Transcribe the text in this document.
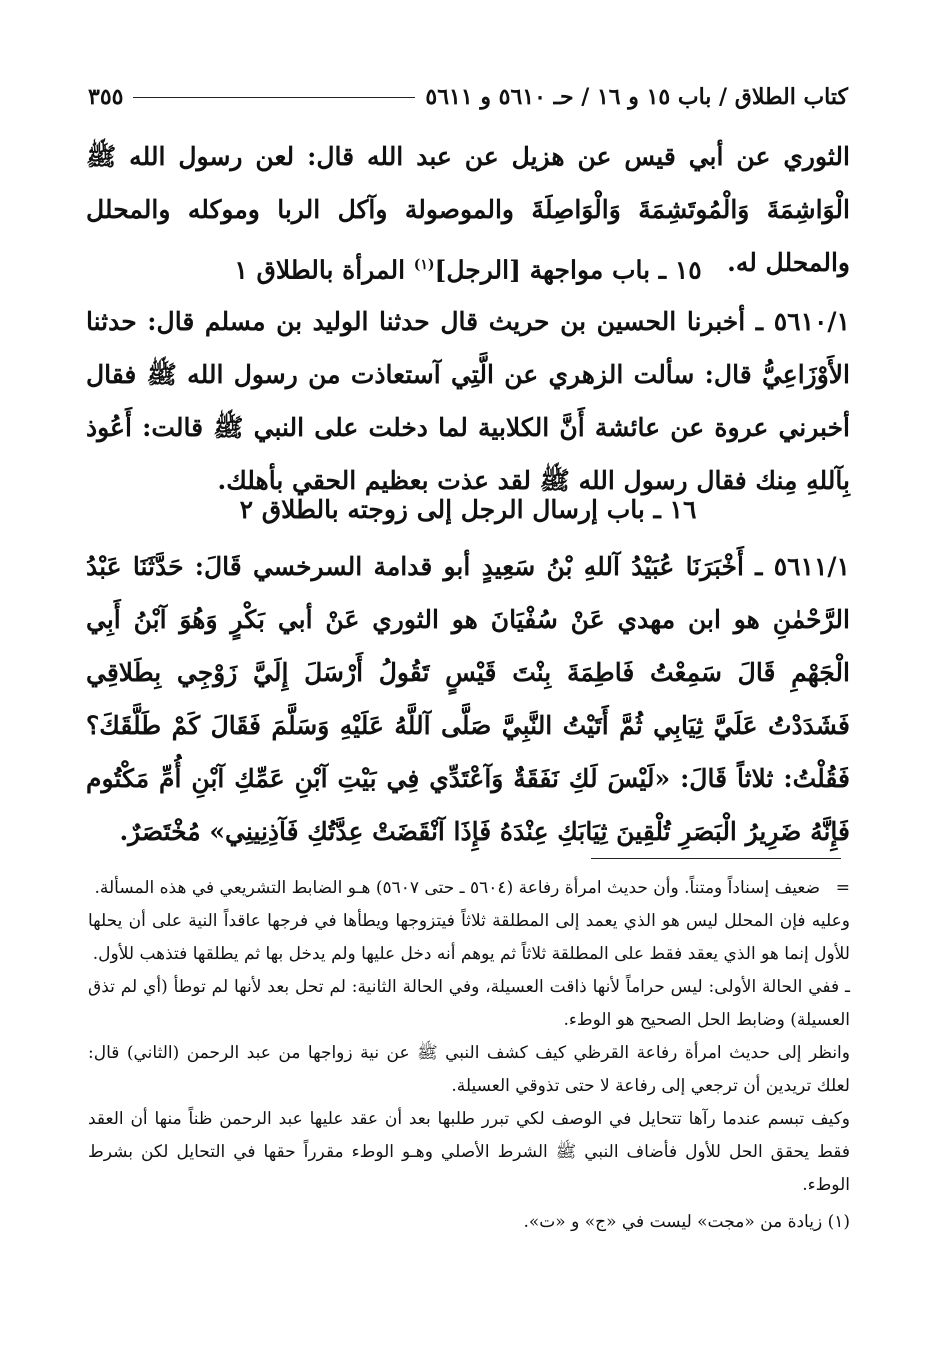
كتاب الطلاق / باب ١٥ و ١٦ / حـ ٥٦١٠ و ٥٦١١
٣٥٥
الثوري عن أبي قيس عن هزيل عن عبد الله قال: لعن رسول الله ﷺ الْوَاشِمَةَ وَالْمُوتَشِمَةَ وَالْوَاصِلَةَ والموصولة وآكل الربا وموكله والمحلل والمحلل له.
١٥ ـ باب مواجهة [الرجل]$^{(١)}$ المرأة بالطلاق ١
٥٦١٠/١ ـ أخبرنا الحسين بن حريث قال حدثنا الوليد بن مسلم قال: حدثنا الأَوْزَاعِيُّ قال: سألت الزهري عن الَّتِي آستعاذت من رسول الله ﷺ فقال أخبرني عروة عن عائشة أَنَّ الكلابية لما دخلت على النبي ﷺ قالت: أَعُوذ بِآللهِ مِنك فقال رسول الله ﷺ لقد عذت بعظيم الحقي بأهلك.
١٦ ـ باب إرسال الرجل إلى زوجته بالطلاق ٢
٥٦١١/١ ـ أَخْبَرَنَا عُبَيْدُ آللهِ بْنُ سَعِيدٍ أبو قدامة السرخسي قَالَ: حَدَّثَنَا عَبْدُ الرَّحْمٰنِ هو ابن مهدي عَنْ سُفْيَانَ هو الثوري عَنْ أبي بَكْرٍ وَهُوَ آبْنُ أَبِي الْجَهْمِ قَالَ سَمِعْتُ فَاطِمَةَ بِنْتَ قَيْسٍ تَقُولُ أَرْسَلَ إِلَيَّ زَوْجِي بِطَلاقِي فَشَدَدْتُ عَلَيَّ ثِيَابِي ثُمَّ أَتَيْتُ النَّبِيَّ صَلَّى آللَّهُ عَلَيْهِ وَسَلَّمَ فَقَالَ كَمْ طَلَّقَكَ؟ فَقُلْتُ: ثلاثاً قَالَ: «لَيْسَ لَكِ نَفَقَةٌ وَآعْتَدِّي فِي بَيْتِ آبْنِ عَمِّكِ آبْنِ أُمِّ مَكْتُوم فَإِنَّهُ ضَرِيرُ الْبَصَرِ تُلْقِينَ ثِيَابَكِ عِنْدَهُ فَإِذَا آنْقَضَتْ عِدَّتُكِ فَآذِنِينِي» مُخْتَصَرٌ.

=
ضعيف إسناداً ومتناً. وأن حديث امرأة رفاعة (٥٦٠٤ ـ حتى ٥٦٠٧) هـو الضابط التشريعي في هذه المسألة.

وعليه فإن المحلل ليس هو الذي يعمد إلى المطلقة ثلاثاً فيتزوجها ويطأها في فرجها عاقداً النية على أن يحلها للأول إنما هو الذي يعقد فقط على المطلقة ثلاثاً ثم يوهم أنه دخل عليها ولم يدخل بها ثم يطلقها فتذهب للأول.

ـ ففي الحالة الأولى: ليس حراماً لأنها ذاقت العسيلة، وفي الحالة الثانية: لم تحل بعد لأنها لم توطأ (أي لم تذق العسيلة) وضابط الحل الصحيح هو الوطء.

وانظر إلى حديث امرأة رفاعة القرظي كيف كشف النبي ﷺ عن نية زواجها من عبد الرحمن (الثاني) قال: لعلك تريدين أن ترجعي إلى رفاعة لا حتى تذوقي العسيلة.

وكيف تبسم عندما رآها تتحايل في الوصف لكي تبرر طلبها بعد أن عقد عليها عبد الرحمن ظناً منها أن العقد فقط يحقق الحل للأول فأضاف النبي ﷺ الشرط الأصلي وهـو الوطء مقرراً حقها في التحايل لكن بشرط الوطء.

(١) زيادة من «مجت» ليست في «ج» و «ت».
